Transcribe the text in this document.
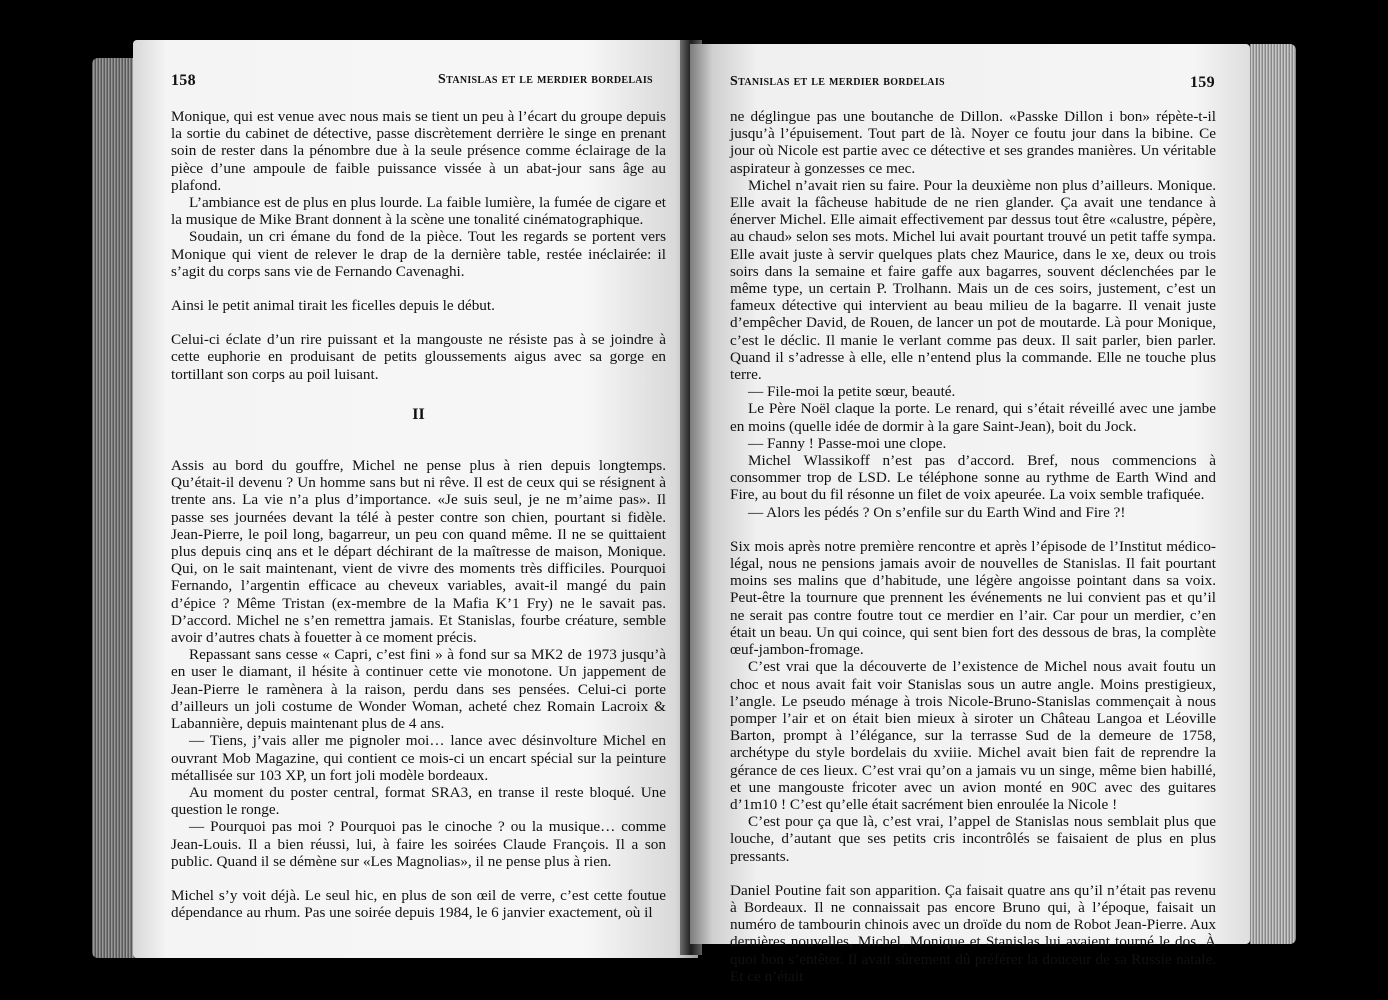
158	Stanislas et le merdier bordelais

Monique, qui est venue avec nous mais se tient un peu à l’écart du groupe depuis la sortie du cabinet de détective, passe discrètement derrière le singe en prenant soin de rester dans la pénombre due à la seule présence comme éclairage de la pièce d’une ampoule de faible puissance vissée à un abat-jour sans âge au plafond.

L’ambiance est de plus en plus lourde. La faible lumière, la fumée de cigare et la musique de Mike Brant donnent à la scène une tonalité cinématographique.

Soudain, un cri émane du fond de la pièce. Tout les regards se portent vers Monique qui vient de relever le drap de la dernière table, restée inéclairée: il s’agit du corps sans vie de Fernando Cavenaghi.

Ainsi le petit animal tirait les ficelles depuis le début.

Celui-ci éclate d’un rire puissant et la mangouste ne résiste pas à se joindre à cette euphorie en produisant de petits gloussements aigus avec sa gorge en tortillant son corps au poil luisant.

II

Assis au bord du gouffre, Michel ne pense plus à rien depuis longtemps. Qu’était-il devenu ? Un homme sans but ni rêve. Il est de ceux qui se résignent à trente ans. La vie n’a plus d’importance. «Je suis seul, je ne m’aime pas». Il passe ses journées devant la télé à pester contre son chien, pourtant si fidèle. Jean-Pierre, le poil long, bagarreur, un peu con quand même. Il ne se quittaient plus depuis cinq ans et le départ déchirant de la maîtresse de maison, Monique. Qui, on le sait maintenant, vient de vivre des moments très difficiles. Pourquoi Fernando, l’argentin efficace au cheveux variables, avait-il mangé du pain d’épice ? Même Tristan (ex-membre de la Mafia K’1 Fry) ne le savait pas. D’accord. Michel ne s’en remettra jamais. Et Stanislas, fourbe créature, semble avoir d’autres chats à fouetter à ce moment précis.

Repassant sans cesse « Capri, c’est fini » à fond sur sa MK2 de 1973 jusqu’à en user le diamant, il hésite à continuer cette vie monotone. Un jappement de Jean-Pierre le ramènera à la raison, perdu dans ses pensées. Celui-ci porte d’ailleurs un joli costume de Wonder Woman, acheté chez Romain Lacroix & Labannière, depuis maintenant plus de 4 ans.

— Tiens, j’vais aller me pignoler moi… lance avec désinvolture Michel en ouvrant Mob Magazine, qui contient ce mois-ci un encart spécial sur la peinture métallisée sur 103 XP, un fort joli modèle bordeaux.

Au moment du poster central, format SRA3, en transe il reste bloqué. Une question le ronge.

— Pourquoi pas moi ? Pourquoi pas le cinoche ? ou la musique… comme Jean-Louis. Il a bien réussi, lui, à faire les soirées Claude François. Il a son public. Quand il se démène sur «Les Magnolias», il ne pense plus à rien.

Michel s’y voit déjà. Le seul hic, en plus de son œil de verre, c’est cette foutue dépendance au rhum. Pas une soirée depuis 1984, le 6 janvier exactement, où il

Stanislas et le merdier bordelais	159

ne déglingue pas une boutanche de Dillon. «Passke Dillon i bon» répète-t-il jusqu’à l’épuisement. Tout part de là. Noyer ce foutu jour dans la bibine. Ce jour où Nicole est partie avec ce détective et ses grandes manières. Un véritable aspirateur à gonzesses ce mec.

Michel n’avait rien su faire. Pour la deuxième non plus d’ailleurs. Monique. Elle avait la fâcheuse habitude de ne rien glander. Ça avait une tendance à énerver Michel. Elle aimait effectivement par dessus tout être «calustre, pépère, au chaud» selon ses mots. Michel lui avait pourtant trouvé un petit taffe sympa. Elle avait juste à servir quelques plats chez Maurice, dans le xe, deux ou trois soirs dans la semaine et faire gaffe aux bagarres, souvent déclenchées par le même type, un certain P. Trolhann. Mais un de ces soirs, justement, c’est un fameux détective qui intervient au beau milieu de la bagarre. Il venait juste d’empêcher David, de Rouen, de lancer un pot de moutarde. Là pour Monique, c’est le déclic. Il manie le verlant comme pas deux. Il sait parler, bien parler. Quand il s’adresse à elle, elle n’entend plus la commande. Elle ne touche plus terre.

— File-moi la petite sœur, beauté.

Le Père Noël claque la porte. Le renard, qui s’était réveillé avec une jambe en moins (quelle idée de dormir à la gare Saint-Jean), boit du Jock.

— Fanny ! Passe-moi une clope.

Michel Wlassikoff n’est pas d’accord. Bref, nous commencions à consommer trop de LSD. Le téléphone sonne au rythme de Earth Wind and Fire, au bout du fil résonne un filet de voix apeurée. La voix semble trafiquée.

— Alors les pédés ? On s’enfile sur du Earth Wind and Fire ?!

Six mois après notre première rencontre et après l’épisode de l’Institut médico-légal, nous ne pensions jamais avoir de nouvelles de Stanislas. Il fait pourtant moins ses malins que d’habitude, une légère angoisse pointant dans sa voix. Peut-être la tournure que prennent les événements ne lui convient pas et qu’il ne serait pas contre foutre tout ce merdier en l’air. Car pour un merdier, c’en était un beau. Un qui coince, qui sent bien fort des dessous de bras, la complète œuf-jambon-fromage.

C’est vrai que la découverte de l’existence de Michel nous avait foutu un choc et nous avait fait voir Stanislas sous un autre angle. Moins prestigieux, l’angle. Le pseudo ménage à trois Nicole-Bruno-Stanislas commençait à nous pomper l’air et on était bien mieux à siroter un Château Langoa et Léoville Barton, prompt à l’élégance, sur la terrasse Sud de la demeure de 1758, archétype du style bordelais du xviiie. Michel avait bien fait de reprendre la gérance de ces lieux. C’est vrai qu’on a jamais vu un singe, même bien habillé, et une mangouste fricoter avec un avion monté en 90C avec des guitares d’1m10 ! C’est qu’elle était sacrément bien enroulée la Nicole !

C’est pour ça que là, c’est vrai, l’appel de Stanislas nous semblait plus que louche, d’autant que ses petits cris incontrôlés se faisaient de plus en plus pressants.

Daniel Poutine fait son apparition. Ça faisait quatre ans qu’il n’était pas revenu à Bordeaux. Il ne connaissait pas encore Bruno qui, à l’époque, faisait un numéro de tambourin chinois avec un droïde du nom de Robot Jean-Pierre. Aux dernières nouvelles, Michel, Monique et Stanislas lui avaient tourné le dos. À quoi bon s’entêter. Il avait sûrement dû préférer la douceur de sa Russie natale. Et ce n’était
